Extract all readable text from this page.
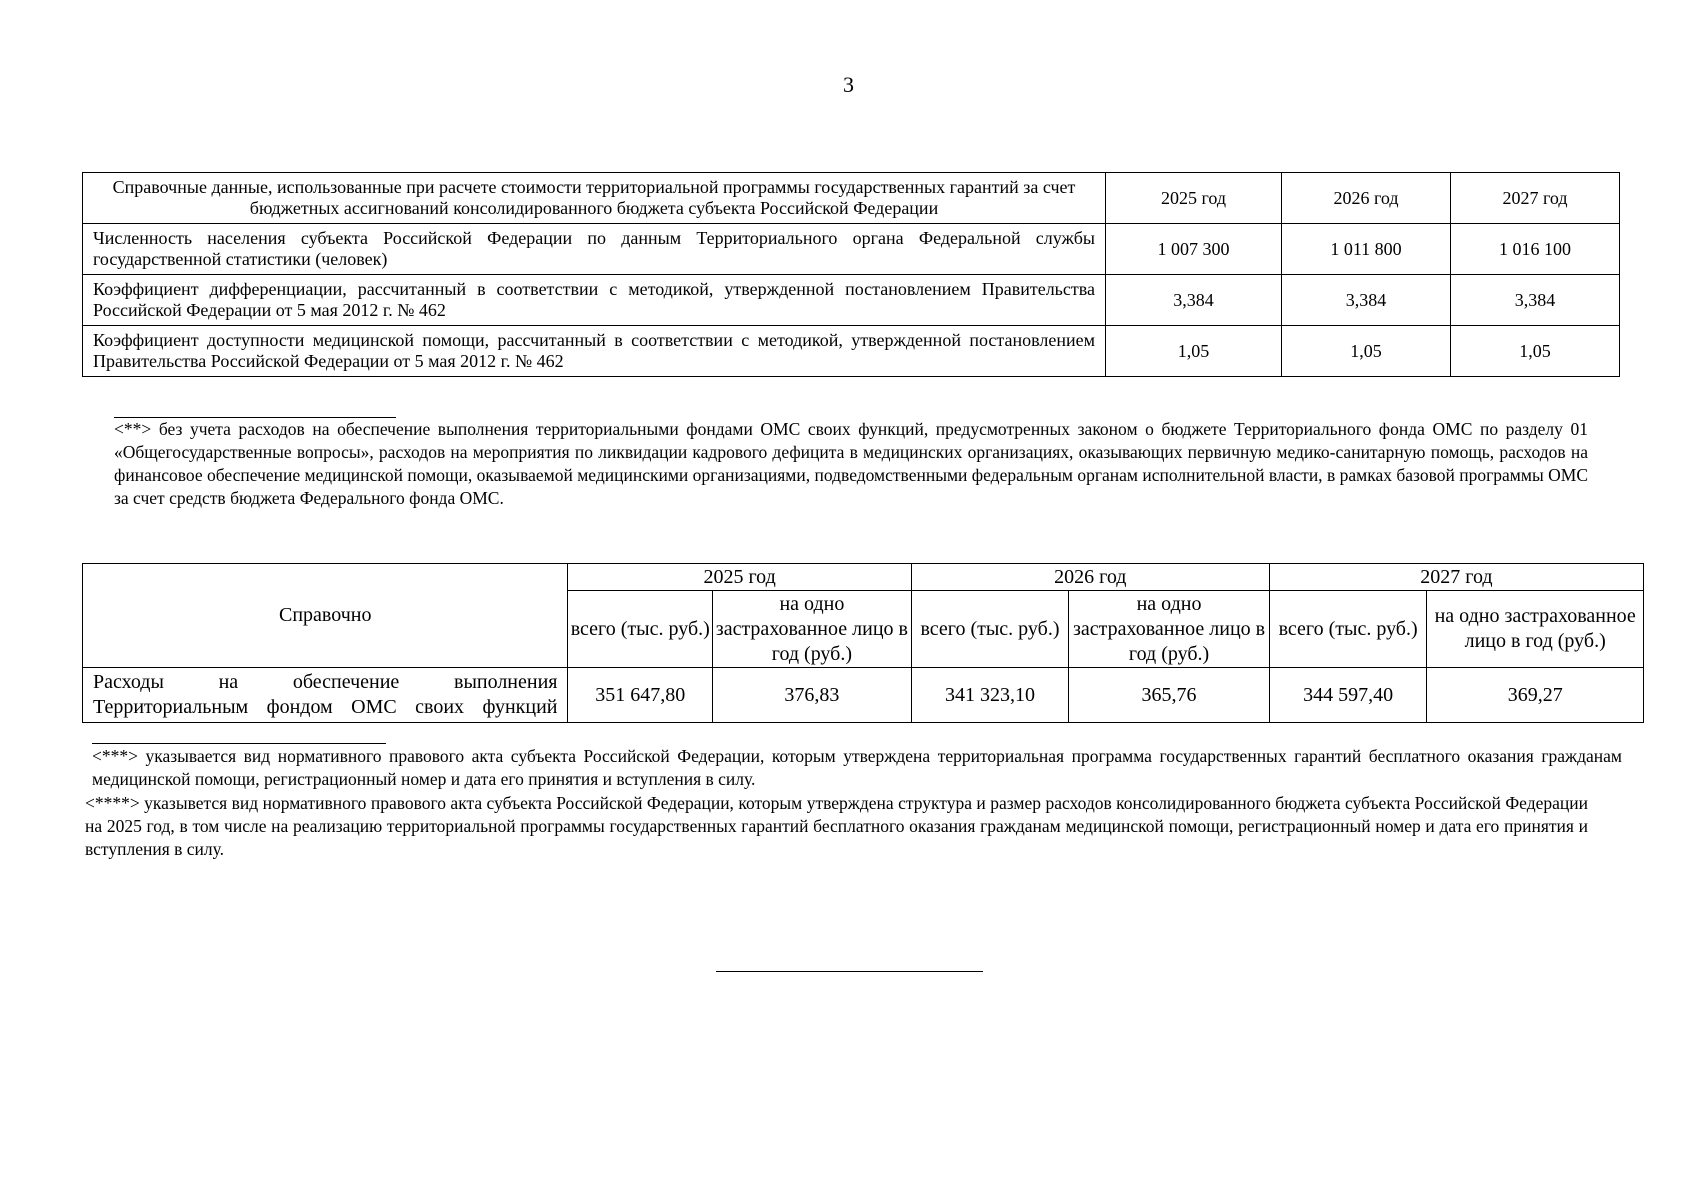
3
Справочные данные, использованные при расчете стоимости территориальной программы государственных гарантий за счет бюджетных ассигнований консолидированного бюджета субъекта Российской Федерации	2025 год	2026 год	2027 год
Численность населения субъекта Российской Федерации по данным Территориального органа Федеральной службы государственной статистики (человек)	1 007 300	1 011 800	1 016 100
Коэффициент дифференциации, рассчитанный в соответствии с методикой, утвержденной постановлением Правительства Российской Федерации от 5 мая 2012 г. № 462	3,384	3,384	3,384
Коэффициент доступности медицинской помощи, рассчитанный в соответствии с методикой, утвержденной постановлением Правительства Российской Федерации от 5 мая 2012 г. № 462	1,05	1,05	1,05
<**> без учета расходов на обеспечение выполнения территориальными фондами ОМС своих функций, предусмотренных законом о бюджете Территориального фонда ОМС по разделу 01 «Общегосударственные вопросы», расходов на мероприятия по ликвидации кадрового дефицита в медицинских организациях, оказывающих первичную медико-санитарную помощь, расходов на финансовое обеспечение медицинской помощи, оказываемой медицинскими организациями, подведомственными федеральным органам исполнительной власти, в рамках базовой программы ОМС за счет средств бюджета Федерального фонда ОМС.
Справочно	2025 год		2026 год		2027 год	
	всего (тыс. руб.)	на одно застрахованное лицо в год (руб.)	всего (тыс. руб.)	на одно застрахованное лицо в год (руб.)	всего (тыс. руб.)	на одно застрахованное лицо в год (руб.)
Расходы на обеспечение выполнения Территориальным фондом ОМС своих функций	351 647,80	376,83	341 323,10	365,76	344 597,40	369,27
<***> указывается вид нормативного правового акта субъекта Российской Федерации, которым утверждена территориальная программа государственных гарантий бесплатного оказания гражданам медицинской помощи, регистрационный номер и дата его принятия и вступления в силу.
<****> указывется вид нормативного правового акта субъекта Российской Федерации, которым утверждена структура и размер расходов консолидированного бюджета субъекта Российской Федерации на 2025 год, в том числе на реализацию территориальной программы государственных гарантий бесплатного оказания гражданам медицинской помощи, регистрационный номер и дата его принятия и вступления в силу.
